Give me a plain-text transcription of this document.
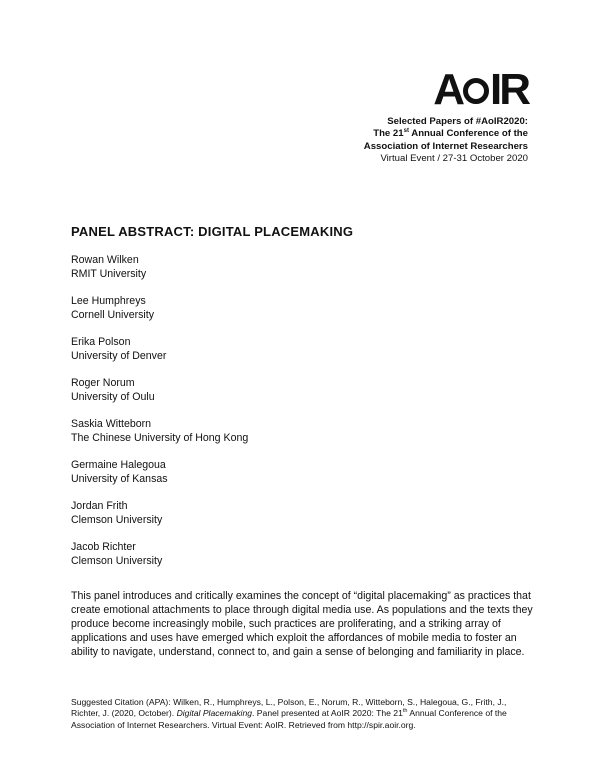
A IR
Selected Papers of #AoIR2020:
The 21st Annual Conference of the
Association of Internet Researchers
Virtual Event / 27-31 October 2020
PANEL ABSTRACT: DIGITAL PLACEMAKING
Rowan Wilken
RMIT University
Lee Humphreys
Cornell University
Erika Polson
University of Denver
Roger Norum
University of Oulu
Saskia Witteborn
The Chinese University of Hong Kong
Germaine Halegoua
University of Kansas
Jordan Frith
Clemson University
Jacob Richter
Clemson University
This panel introduces and critically examines the concept of “digital placemaking” as practices that create emotional attachments to place through digital media use. As populations and the texts they produce become increasingly mobile, such practices are proliferating, and a striking array of applications and uses have emerged which exploit the affordances of mobile media to foster an ability to navigate, understand, connect to, and gain a sense of belonging and familiarity in place.
Suggested Citation (APA): Wilken, R., Humphreys, L., Polson, E., Norum, R., Witteborn, S., Halegoua, G., Frith, J., Richter, J. (2020, October). Digital Placemaking. Panel presented at AoIR 2020: The 21th Annual Conference of the Association of Internet Researchers. Virtual Event: AoIR. Retrieved from http://spir.aoir.org.
